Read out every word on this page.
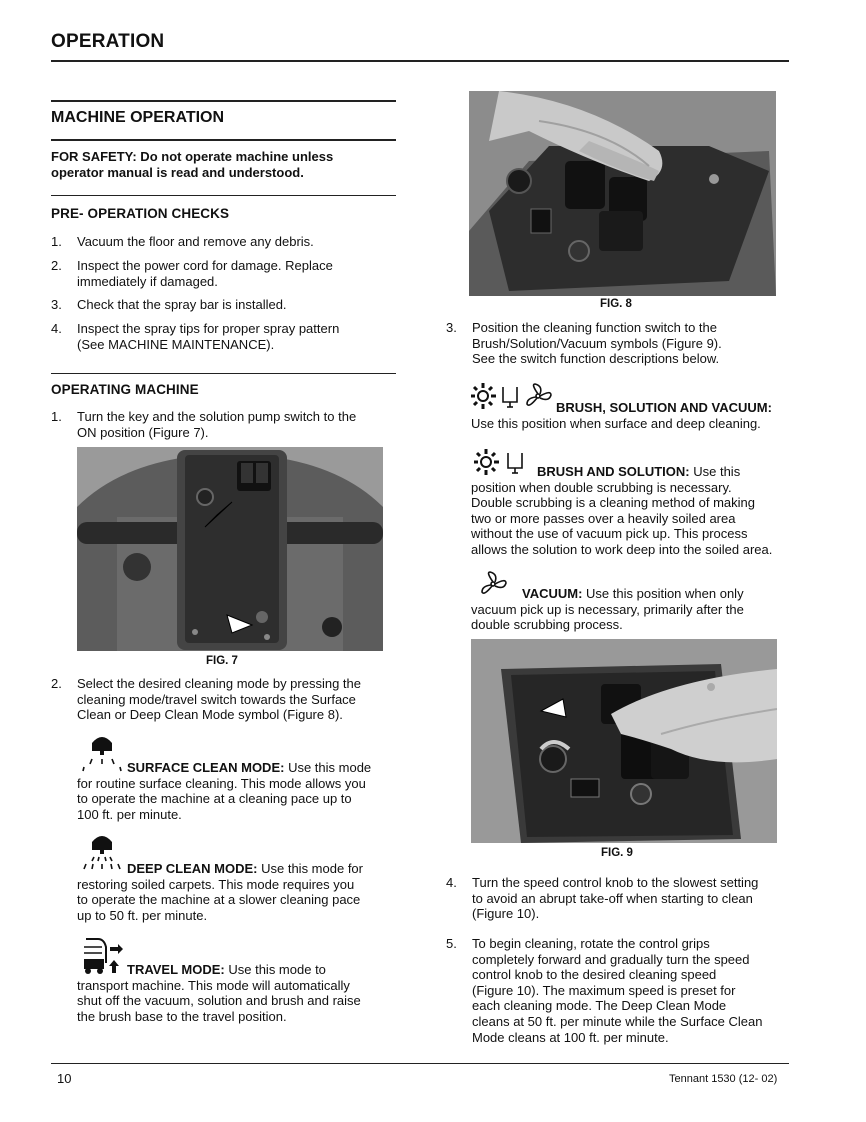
OPERATION
MACHINE OPERATION
FOR SAFETY: Do not operate machine unless
operator manual is read and understood.
PRE- OPERATION CHECKS
1. Vacuum the floor and remove any debris.
2. Inspect the power cord for damage. Replace
immediately if damaged.
3. Check that the spray bar is installed.
4. Inspect the spray tips for proper spray pattern
(See MACHINE MAINTENANCE).
OPERATING MACHINE
1. Turn the key and the solution pump switch to the
ON position (Figure 7).
FIG. 7
2. Select the desired cleaning mode by pressing the
cleaning mode/travel switch towards the Surface
Clean or Deep Clean Mode symbol (Figure 8).
SURFACE CLEAN MODE: Use this mode
for routine surface cleaning. This mode allows you
to operate the machine at a cleaning pace up to
100 ft. per minute.
DEEP CLEAN MODE: Use this mode for
restoring soiled carpets. This mode requires you
to operate the machine at a slower cleaning pace
up to 50 ft. per minute.
TRAVEL MODE: Use this mode to
transport machine. This mode will automatically
shut off the vacuum, solution and brush and raise
the brush base to the travel position.
FIG. 8
3. Position the cleaning function switch to the
Brush/Solution/Vacuum symbols (Figure 9).
See the switch function descriptions below.
BRUSH, SOLUTION AND VACUUM:
Use this position when surface and deep cleaning.
BRUSH AND SOLUTION: Use this
position when double scrubbing is necessary.
Double scrubbing is a cleaning method of making
two or more passes over a heavily soiled area
without the use of vacuum pick up. This process
allows the solution to work deep into the soiled area.
VACUUM: Use this position when only
vacuum pick up is necessary, primarily after the
double scrubbing process.
FIG. 9
4. Turn the speed control knob to the slowest setting
to avoid an abrupt take-off when starting to clean
(Figure 10).
5. To begin cleaning, rotate the control grips
completely forward and gradually turn the speed
control knob to the desired cleaning speed
(Figure 10). The maximum speed is preset for
each cleaning mode. The Deep Clean Mode
cleans at 50 ft. per minute while the Surface Clean
Mode cleans at 100 ft. per minute.
10	Tennant 1530 (12- 02)
